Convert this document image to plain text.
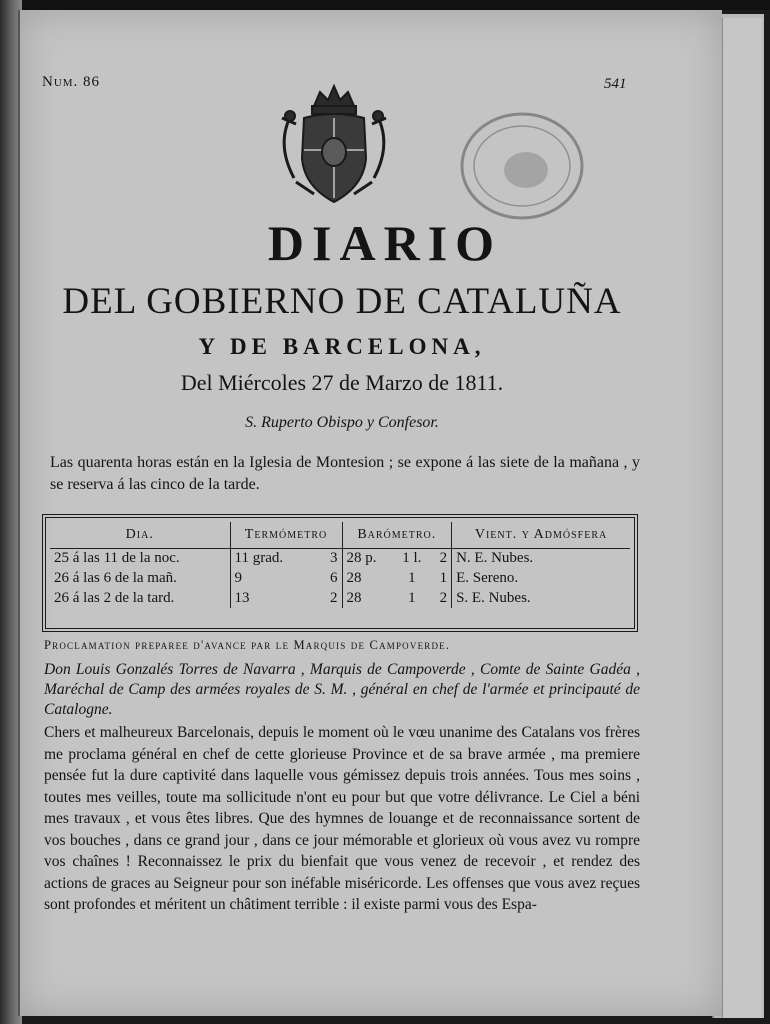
Num. 86	541
DIARIO
DEL GOBIERNO DE CATALUÑA
Y DE BARCELONA,
Del Miércoles 27 de Marzo de 1811.
S. Ruperto Obispo y Confesor.
Las quarenta horas están en la Iglesia de Montesion ; se expone á las siete de la mañana , y se reserva á las cinco de la tarde.
Dia.	Termómetro		Barómetro.			Vient. y Admósfera
25 á las 11 de la noc.	11 grad.	3	28 p.	1 l.	2	N. E. Nubes.
26 á las 6 de la mañ.	9	6	28	1	1	E. Sereno.
26 á las 2 de la tard.	13	2	28	1	2	S. E. Nubes.
Proclamation preparee d'avance par le Marquis de Campoverde.
Don Louis Gonzalés Torres de Navarra , Marquis de Campoverde , Comte de Sainte Gadéa , Maréchal de Camp des armées royales de S. M. , général en chef de l'armée et principauté de Catalogne.
Chers et malheureux Barcelonais, depuis le moment où le vœu unanime des Catalans vos frères me proclama général en chef de cette glorieuse Province et de sa brave armée , ma premiere pensée fut la dure captivité dans laquelle vous gémissez depuis trois années. Tous mes soins , toutes mes veilles, toute ma sollicitude n'ont eu pour but que votre délivrance. Le Ciel a béni mes travaux , et vous êtes libres. Que des hymnes de louange et de reconnaissance sortent de vos bouches , dans ce grand jour , dans ce jour mémorable et glorieux où vous avez vu rompre vos chaînes ! Reconnaissez le prix du bienfait que vous venez de recevoir , et rendez des actions de graces au Seigneur pour son inéfable miséricorde. Les offenses que vous avez reçues sont profondes et méritent un châtiment terrible : il existe parmi vous des Espa-
